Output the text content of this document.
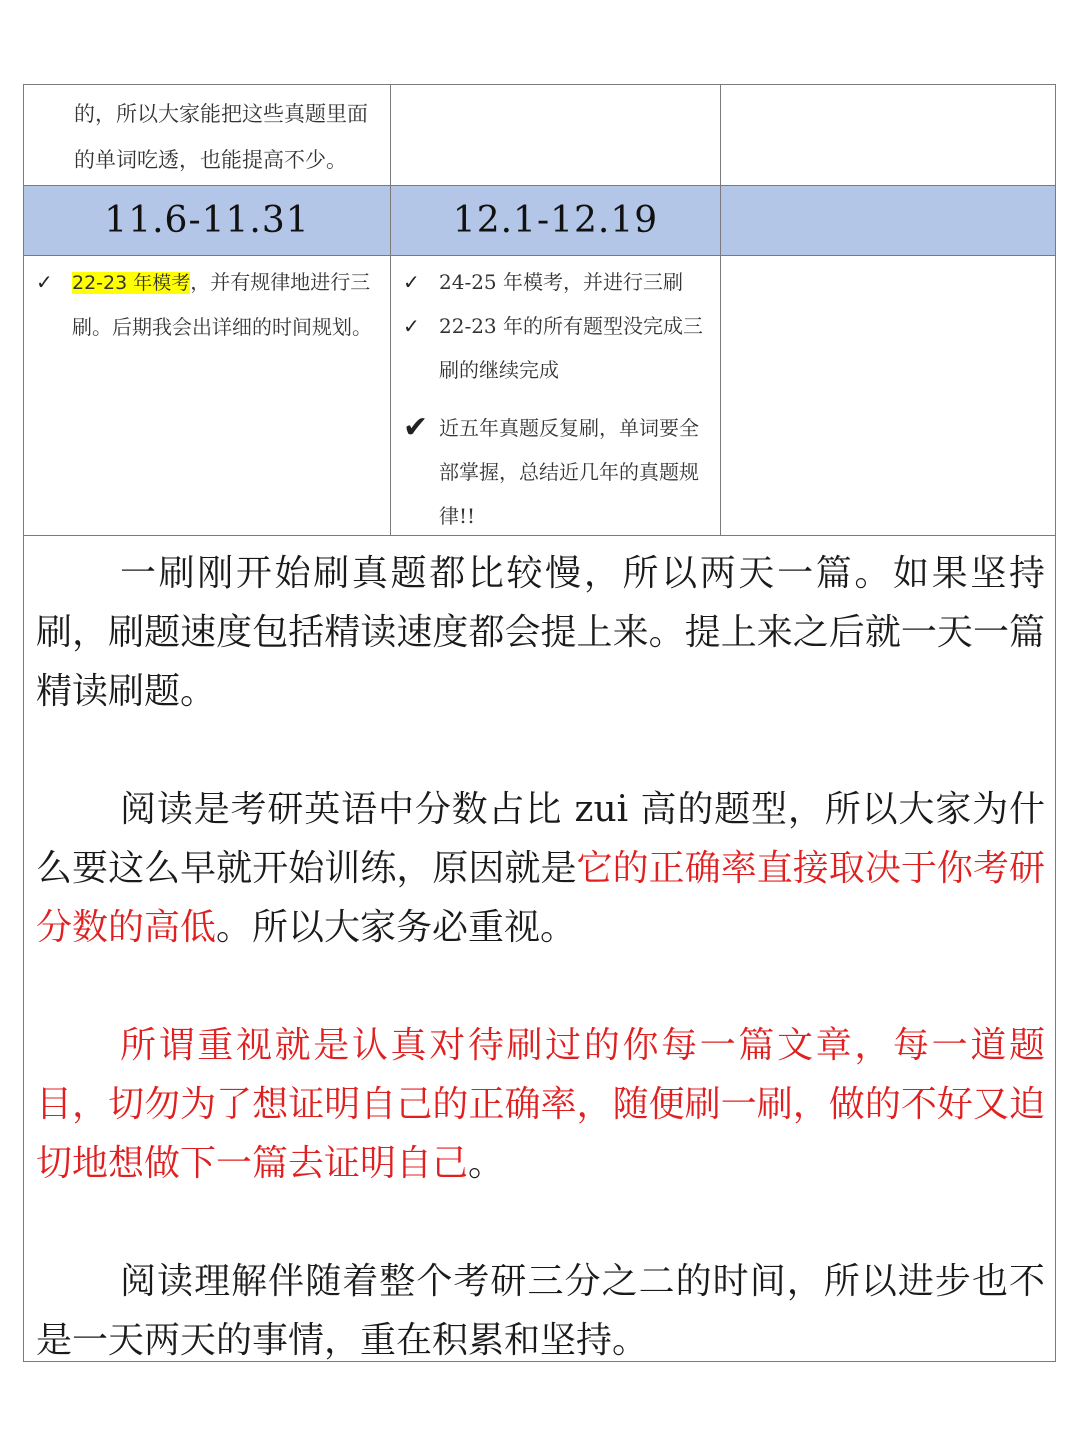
的，所以大家能把这些真题里面的单词吃透，也能提高不少。
11.6-11.31	12.1-12.19
✓	22-23 年模考，并有规律地进行三刷。后期我会出详细的时间规划。
✓ 24-25 年模考，并进行三刷
✓ 22-23 年的所有题型没完成三刷的继续完成
✔ 近五年真题反复刷，单词要全部掌握，总结近几年的真题规律!!

一刷刚开始刷真题都比较慢，所以两天一篇。如果坚持刷，刷题速度包括精读速度都会提上来。提上来之后就一天一篇精读刷题。

阅读是考研英语中分数占比 zui 高的题型，所以大家为什么要这么早就开始训练，原因就是它的正确率直接取决于你考研分数的高低。所以大家务必重视。

所谓重视就是认真对待刷过的你每一篇文章，每一道题目，切勿为了想证明自己的正确率，随便刷一刷，做的不好又迫切地想做下一篇去证明自己。

阅读理解伴随着整个考研三分之二的时间，所以进步也不是一天两天的事情，重在积累和坚持。
